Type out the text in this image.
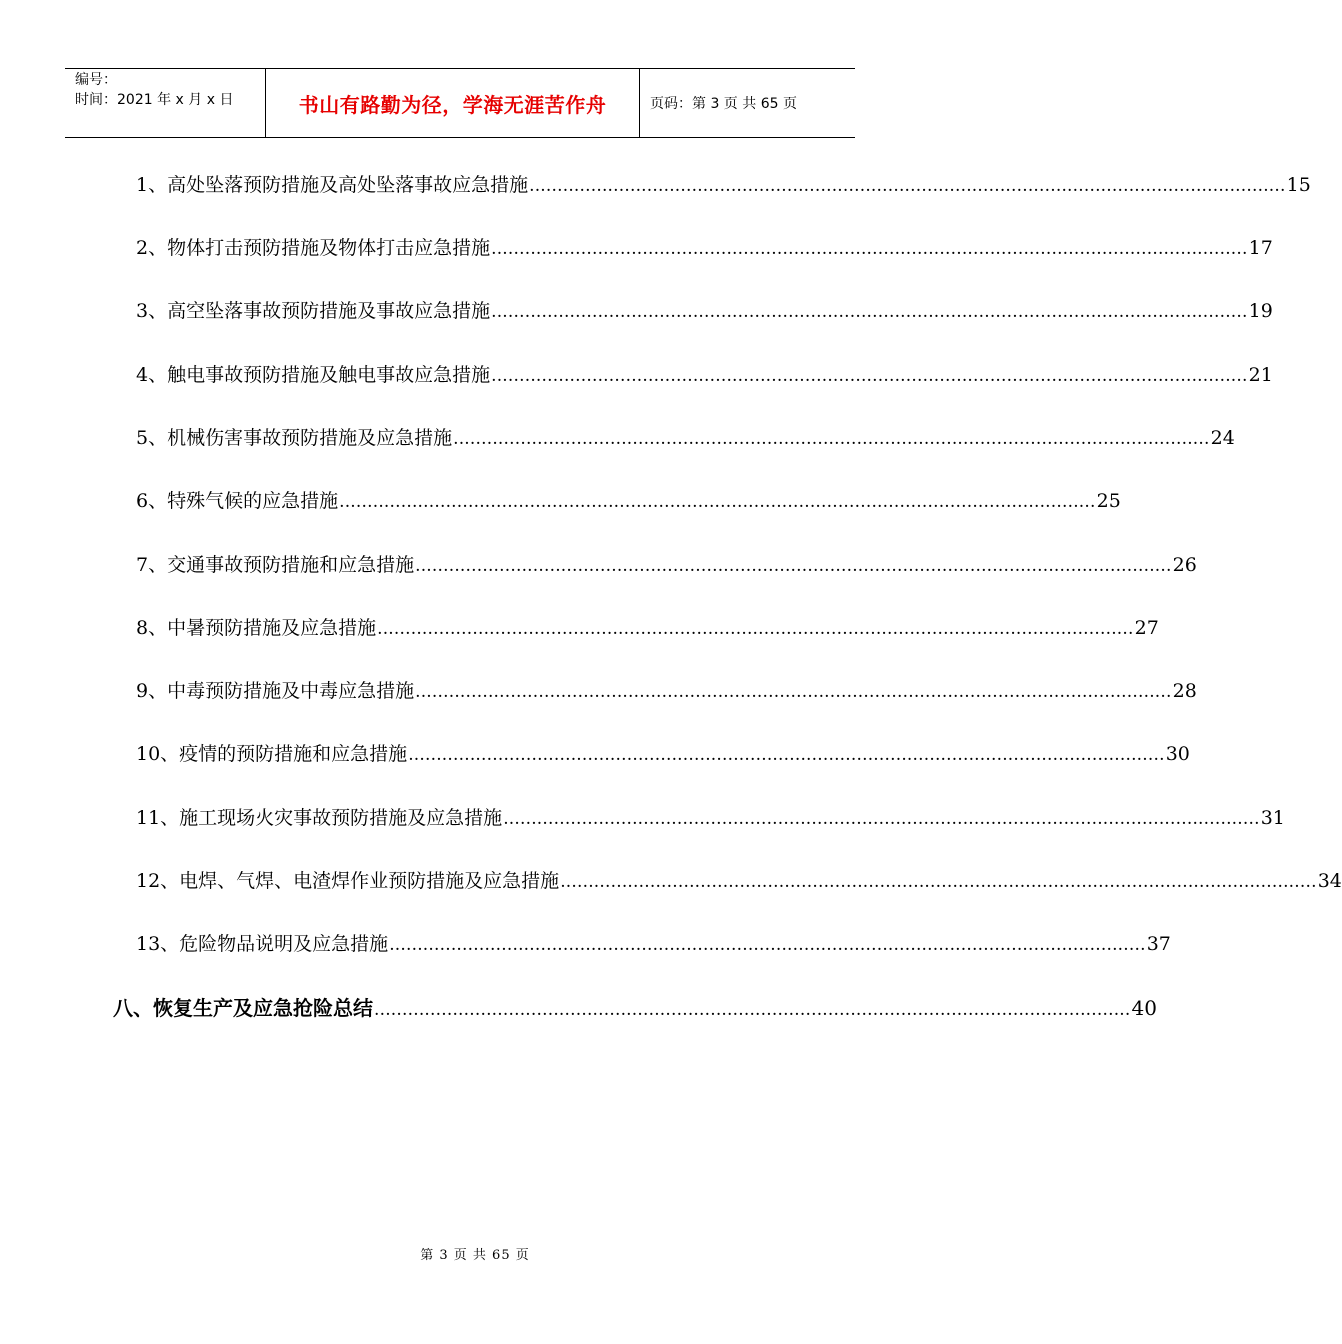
编号：
时间：2021 年 x 月 x 日	书山有路勤为径，学海无涯苦作舟	页码：第 3 页 共 65 页
1、高处坠落预防措施及高处坠落事故应急措施 ....................................................................................................................................... 15
2、物体打击预防措施及物体打击应急措施 ....................................................................................................................................... 17
3、高空坠落事故预防措施及事故应急措施 ....................................................................................................................................... 19
4、触电事故预防措施及触电事故应急措施 ....................................................................................................................................... 21
5、机械伤害事故预防措施及应急措施 ....................................................................................................................................... 24
6、特殊气候的应急措施 ....................................................................................................................................... 25
7、交通事故预防措施和应急措施 ....................................................................................................................................... 26
8、中暑预防措施及应急措施 ....................................................................................................................................... 27
9、中毒预防措施及中毒应急措施 ....................................................................................................................................... 28
10、疫情的预防措施和应急措施 ....................................................................................................................................... 30
11、施工现场火灾事故预防措施及应急措施 ....................................................................................................................................... 31
12、电焊、气焊、电渣焊作业预防措施及应急措施 ....................................................................................................................................... 34
13、危险物品说明及应急措施 ....................................................................................................................................... 37
八、恢复生产及应急抢险总结 ....................................................................................................................................... 40
第 3 页 共 65 页
